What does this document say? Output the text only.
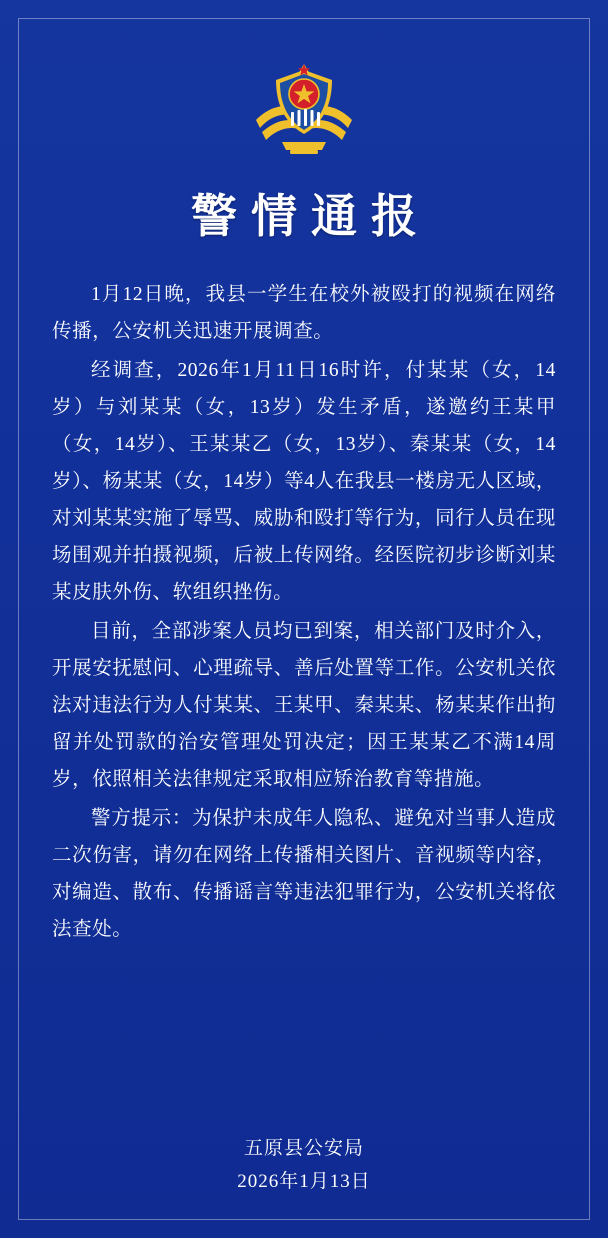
警情通报

1月12日晚，我县一学生在校外被殴打的视频在网络传播，公安机关迅速开展调查。

经调查，2026年1月11日16时许，付某某（女，14岁）与刘某某（女，13岁）发生矛盾，遂邀约王某甲（女，14岁）、王某某乙（女，13岁）、秦某某（女，14岁）、杨某某（女，14岁）等4人在我县一楼房无人区域，对刘某某实施了辱骂、威胁和殴打等行为，同行人员在现场围观并拍摄视频，后被上传网络。经医院初步诊断刘某某皮肤外伤、软组织挫伤。

目前，全部涉案人员均已到案，相关部门及时介入，开展安抚慰问、心理疏导、善后处置等工作。公安机关依法对违法行为人付某某、王某甲、秦某某、杨某某作出拘留并处罚款的治安管理处罚决定；因王某某乙不满14周岁，依照相关法律规定采取相应矫治教育等措施。

警方提示：为保护未成年人隐私、避免对当事人造成二次伤害，请勿在网络上传播相关图片、音视频等内容，对编造、散布、传播谣言等违法犯罪行为，公安机关将依法查处。

五原县公安局
2026年1月13日
